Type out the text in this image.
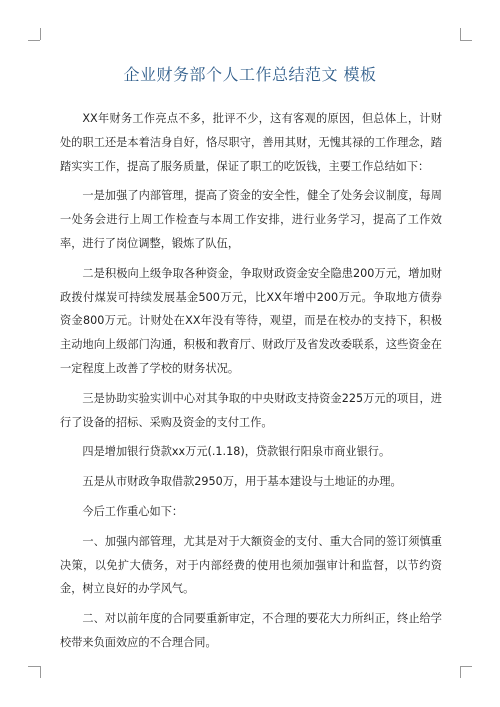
企业财务部个人工作总结范文 模板

XX年财务工作亮点不多，批评不少，这有客观的原因，但总体上，计财处的职工还是本着洁身自好，恪尽职守，善用其财，无愧其禄的工作理念，踏踏实实工作，提高了服务质量，保证了职工的吃饭钱，主要工作总结如下：

一是加强了内部管理，提高了资金的安全性，健全了处务会议制度，每周一处务会进行上周工作检查与本周工作安排，进行业务学习，提高了工作效率，进行了岗位调整，锻炼了队伍，

二是积极向上级争取各种资金，争取财政资金安全隐患200万元，增加财政拨付煤炭可持续发展基金500万元，比XX年增中200万元。争取地方债券资金800万元。计财处在XX年没有等待，观望，而是在校办的支持下，积极主动地向上级部门沟通，积极和教育厅、财政厅及省发改委联系，这些资金在一定程度上改善了学校的财务状况。

三是协助实验实训中心对其争取的中央财政支持资金225万元的项目，进行了设备的招标、采购及资金的支付工作。

四是增加银行贷款xx万元(.1.18)，贷款银行阳泉市商业银行。

五是从市财政争取借款2950万，用于基本建设与土地证的办理。

今后工作重心如下：

一、加强内部管理，尤其是对于大额资金的支付、重大合同的签订须慎重决策，以免扩大债务，对于内部经费的使用也须加强审计和监督，以节约资金，树立良好的办学风气。

二、对以前年度的合同要重新审定，不合理的要花大力所纠正，终止给学校带来负面效应的不合理合同。
